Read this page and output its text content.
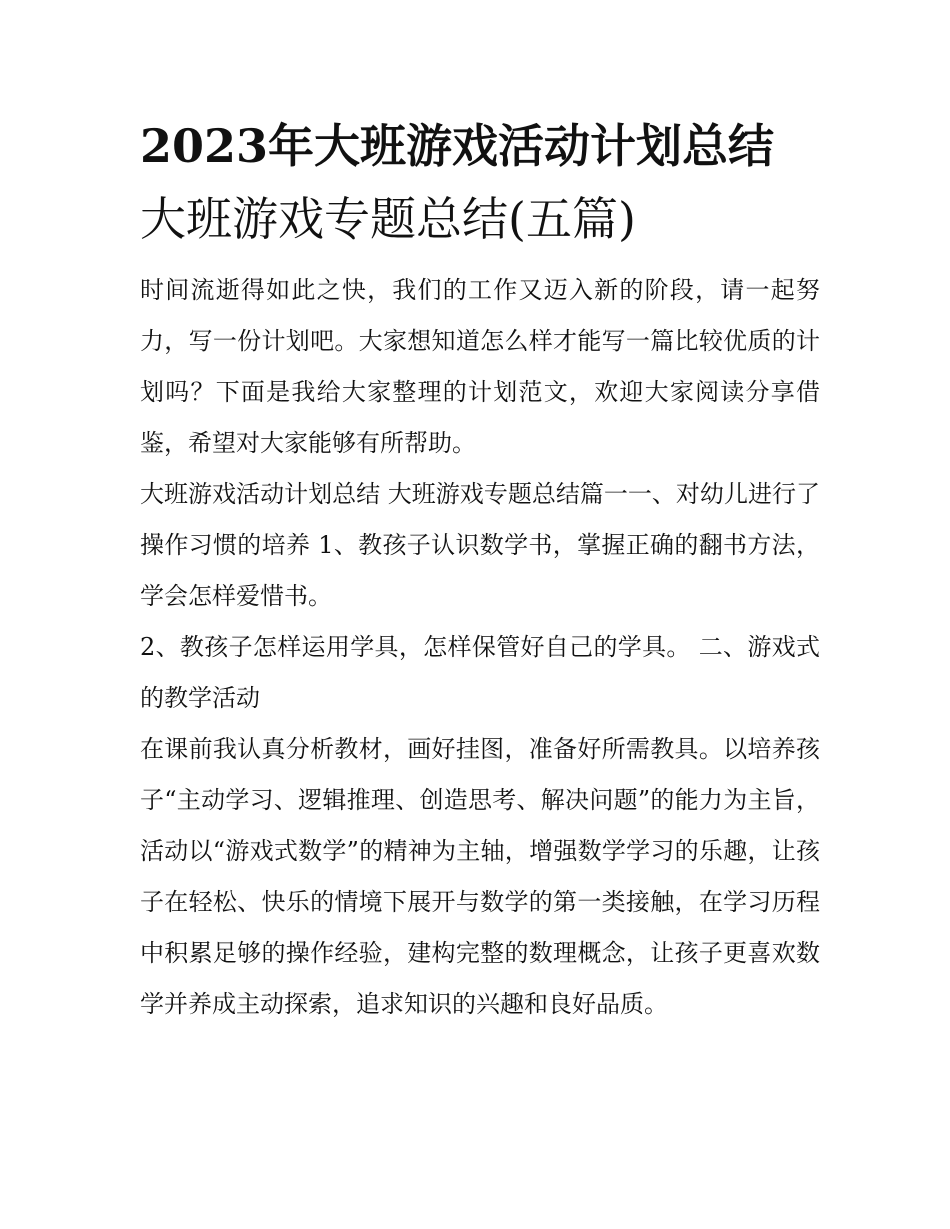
2023年大班游戏活动计划总结
大班游戏专题总结(五篇)

时间流逝得如此之快，我们的工作又迈入新的阶段，请一起努力，写一份计划吧。大家想知道怎么样才能写一篇比较优质的计划吗？下面是我给大家整理的计划范文，欢迎大家阅读分享借鉴，希望对大家能够有所帮助。

大班游戏活动计划总结 大班游戏专题总结篇一一、对幼儿进行了操作习惯的培养 1、教孩子认识数学书，掌握正确的翻书方法，学会怎样爱惜书。

2、教孩子怎样运用学具，怎样保管好自己的学具。 二、游戏式的教学活动

在课前我认真分析教材，画好挂图，准备好所需教具。以培养孩子“主动学习、逻辑推理、创造思考、解决问题”的能力为主旨，活动以“游戏式数学”的精神为主轴，增强数学学习的乐趣，让孩子在轻松、快乐的情境下展开与数学的第一类接触，在学习历程中积累足够的操作经验，建构完整的数理概念，让孩子更喜欢数学并养成主动探索，追求知识的兴趣和良好品质。
